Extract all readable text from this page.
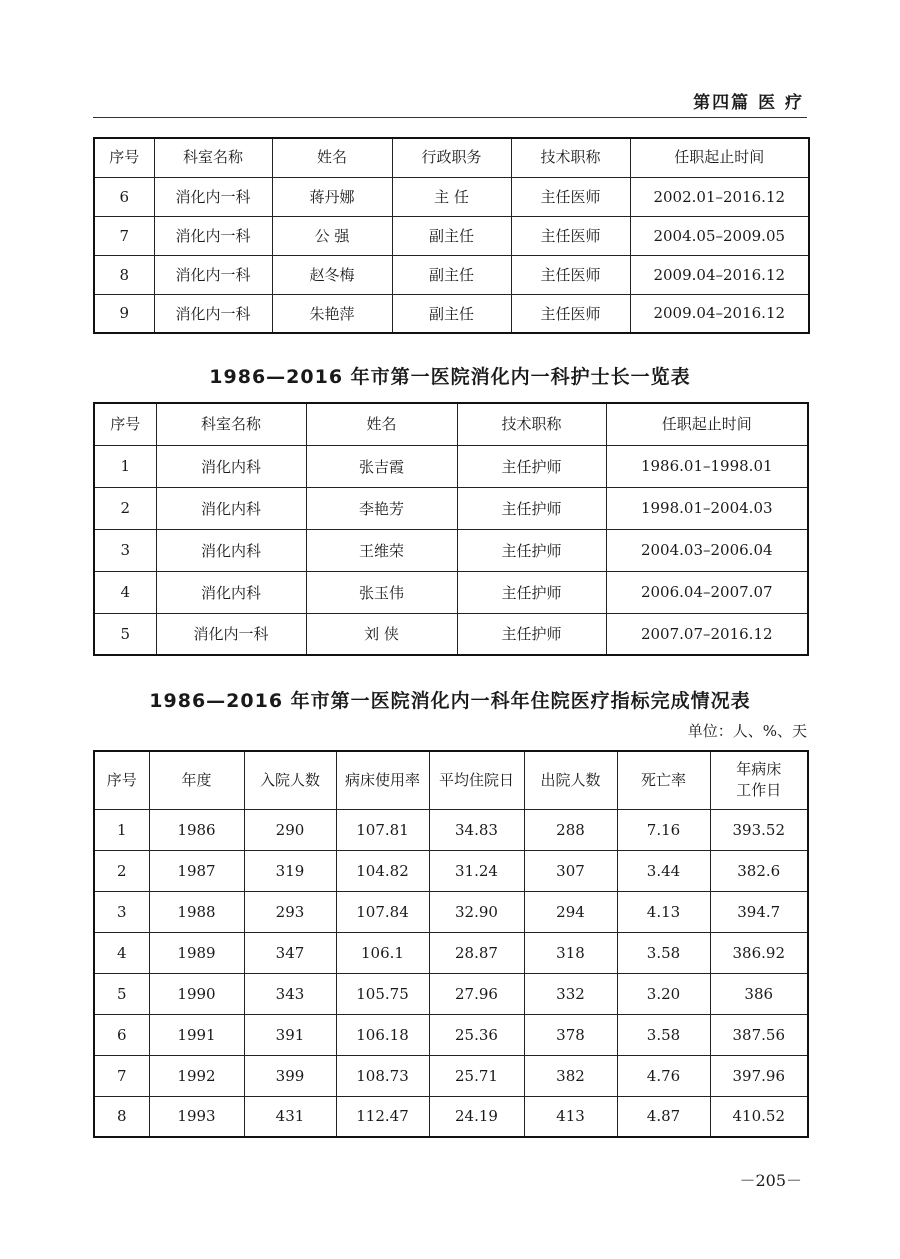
第四篇 医 疗
序号	科室名称	姓名	行政职务	技术职称	任职起止时间
6	消化内一科	蒋丹娜	主 任	主任医师	2002.01–2016.12
7	消化内一科	公 强	副主任	主任医师	2004.05–2009.05
8	消化内一科	赵冬梅	副主任	主任医师	2009.04–2016.12
9	消化内一科	朱艳萍	副主任	主任医师	2009.04–2016.12
1986—2016 年市第一医院消化内一科护士长一览表
序号	科室名称	姓名	技术职称	任职起止时间
1	消化内科	张吉霞	主任护师	1986.01–1998.01
2	消化内科	李艳芳	主任护师	1998.01–2004.03
3	消化内科	王维荣	主任护师	2004.03–2006.04
4	消化内科	张玉伟	主任护师	2006.04–2007.07
5	消化内一科	刘 侠	主任护师	2007.07–2016.12
1986—2016 年市第一医院消化内一科年住院医疗指标完成情况表
单位：人、%、天
序号	年度	入院人数	病床使用率	平均住院日	出院人数	死亡率	年病床
工作日
1	1986	290	107.81	34.83	288	7.16	393.52
2	1987	319	104.82	31.24	307	3.44	382.6
3	1988	293	107.84	32.90	294	4.13	394.7
4	1989	347	106.1	28.87	318	3.58	386.92
5	1990	343	105.75	27.96	332	3.20	386
6	1991	391	106.18	25.36	378	3.58	387.56
7	1992	399	108.73	25.71	382	4.76	397.96
8	1993	431	112.47	24.19	413	4.87	410.52
－205－
